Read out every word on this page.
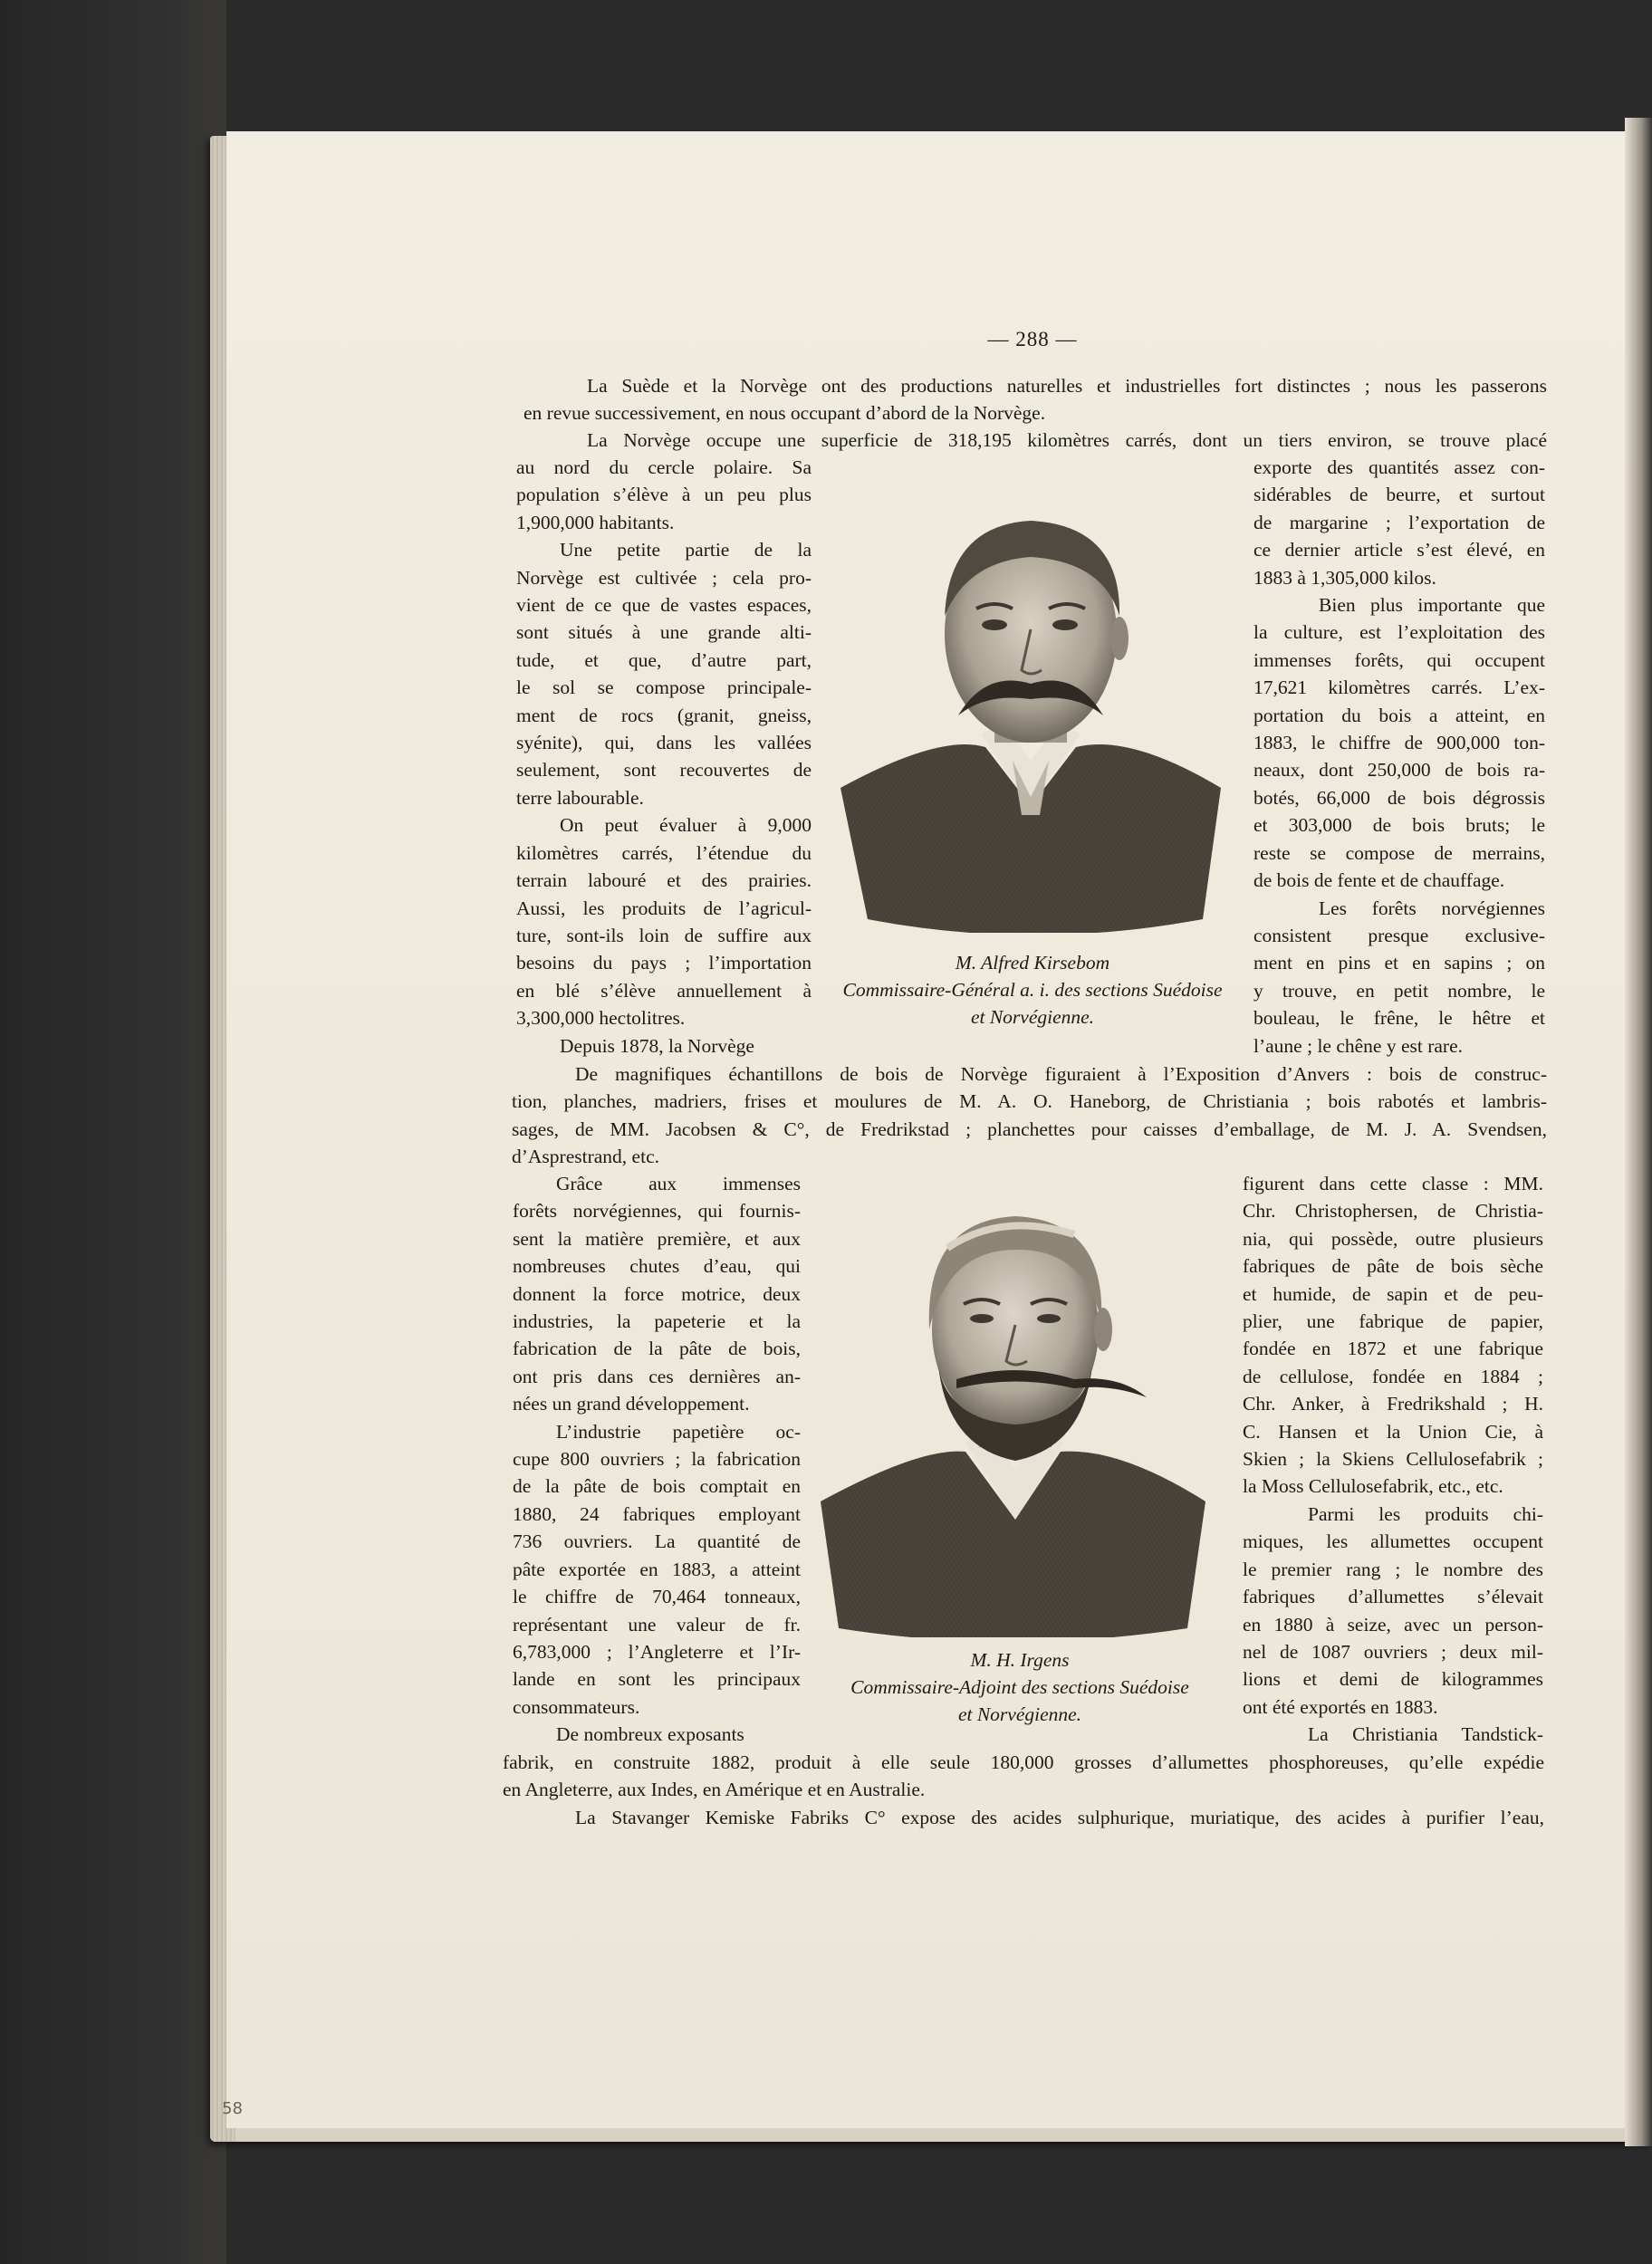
— 288 —

La Suède et la Norvège ont des productions naturelles et industrielles fort distinctes ; nous les passerons

en revue successivement, en nous occupant d’abord de la Norvège.

La Norvège occupe une superficie de 318,195 kilomètres carrés, dont un tiers environ, se trouve placé

au nord du cercle polaire. Sa
population s’élève à un peu plus
1,900,000 habitants.
Une petite partie de la
Norvège est cultivée ; cela pro-
vient de ce que de vastes espaces,
sont situés à une grande alti-
tude, et que, d’autre part,
le sol se compose principale-
ment de rocs (granit, gneiss,
syénite), qui, dans les vallées
seulement, sont recouvertes de
terre labourable.
On peut évaluer à 9,000
kilomètres carrés, l’étendue du
terrain labouré et des prairies.
Aussi, les produits de l’agricul-
ture, sont-ils loin de suffire aux
besoins du pays ; l’importation
en blé s’élève annuellement à
3,300,000 hectolitres.
Depuis 1878, la Norvège
M. Alfred Kirsebom
Commissaire-Général a. i. des sections Suédoise
et Norvégienne.
exporte des quantités assez con-
sidérables de beurre, et surtout
de margarine ; l’exportation de
ce dernier article s’est élevé, en
1883 à 1,305,000 kilos.
Bien plus importante que
la culture, est l’exploitation des
immenses forêts, qui occupent
17,621 kilomètres carrés. L’ex-
portation du bois a atteint, en
1883, le chiffre de 900,000 ton-
neaux, dont 250,000 de bois ra-
botés, 66,000 de bois dégrossis
et 303,000 de bois bruts; le
reste se compose de merrains,
de bois de fente et de chauffage.
Les forêts norvégiennes
consistent presque exclusive-
ment en pins et en sapins ; on
y trouve, en petit nombre, le
bouleau, le frêne, le hêtre et
l’aune ; le chêne y est rare.
De magnifiques échantillons de bois de Norvège figuraient à l’Exposition d’Anvers : bois de construc-
tion, planches, madriers, frises et moulures de M. A. O. Haneborg, de Christiania ; bois rabotés et lambris-
sages, de MM. Jacobsen & C°, de Fredrikstad ; planchettes pour caisses d’emballage, de M. J. A. Svendsen,
d’Asprestrand, etc.
Grâce aux immenses
forêts norvégiennes, qui fournis-
sent la matière première, et aux
nombreuses chutes d’eau, qui
donnent la force motrice, deux
industries, la papeterie et la
fabrication de la pâte de bois,
ont pris dans ces dernières an-
nées un grand développement.
L’industrie papetière oc-
cupe 800 ouvriers ; la fabrication
de la pâte de bois comptait en
1880, 24 fabriques employant
736 ouvriers. La quantité de
pâte exportée en 1883, a atteint
le chiffre de 70,464 tonneaux,
représentant une valeur de fr.
6,783,000 ; l’Angleterre et l’Ir-
lande en sont les principaux
consommateurs.
De nombreux exposants
M. H. Irgens
Commissaire-Adjoint des sections Suédoise
et Norvégienne.
figurent dans cette classe : MM.
Chr. Christophersen, de Christia-
nia, qui possède, outre plusieurs
fabriques de pâte de bois sèche
et humide, de sapin et de peu-
plier, une fabrique de papier,
fondée en 1872 et une fabrique
de cellulose, fondée en 1884 ;
Chr. Anker, à Fredrikshald ; H.
C. Hansen et la Union Cie, à
Skien ; la Skiens Cellulosefabrik ;
la Moss Cellulosefabrik, etc., etc.
Parmi les produits chi-
miques, les allumettes occupent
le premier rang ; le nombre des
fabriques d’allumettes s’élevait
en 1880 à seize, avec un person-
nel de 1087 ouvriers ; deux mil-
lions et demi de kilogrammes
ont été exportés en 1883.
La Christiania Tandstick-
fabrik, en construite 1882, produit à elle seule 180,000 grosses d’allumettes phosphoreuses, qu’elle expédie
en Angleterre, aux Indes, en Amérique et en Australie.
La Stavanger Kemiske Fabriks C° expose des acides sulphurique, muriatique, des acides à purifier l’eau,
58
